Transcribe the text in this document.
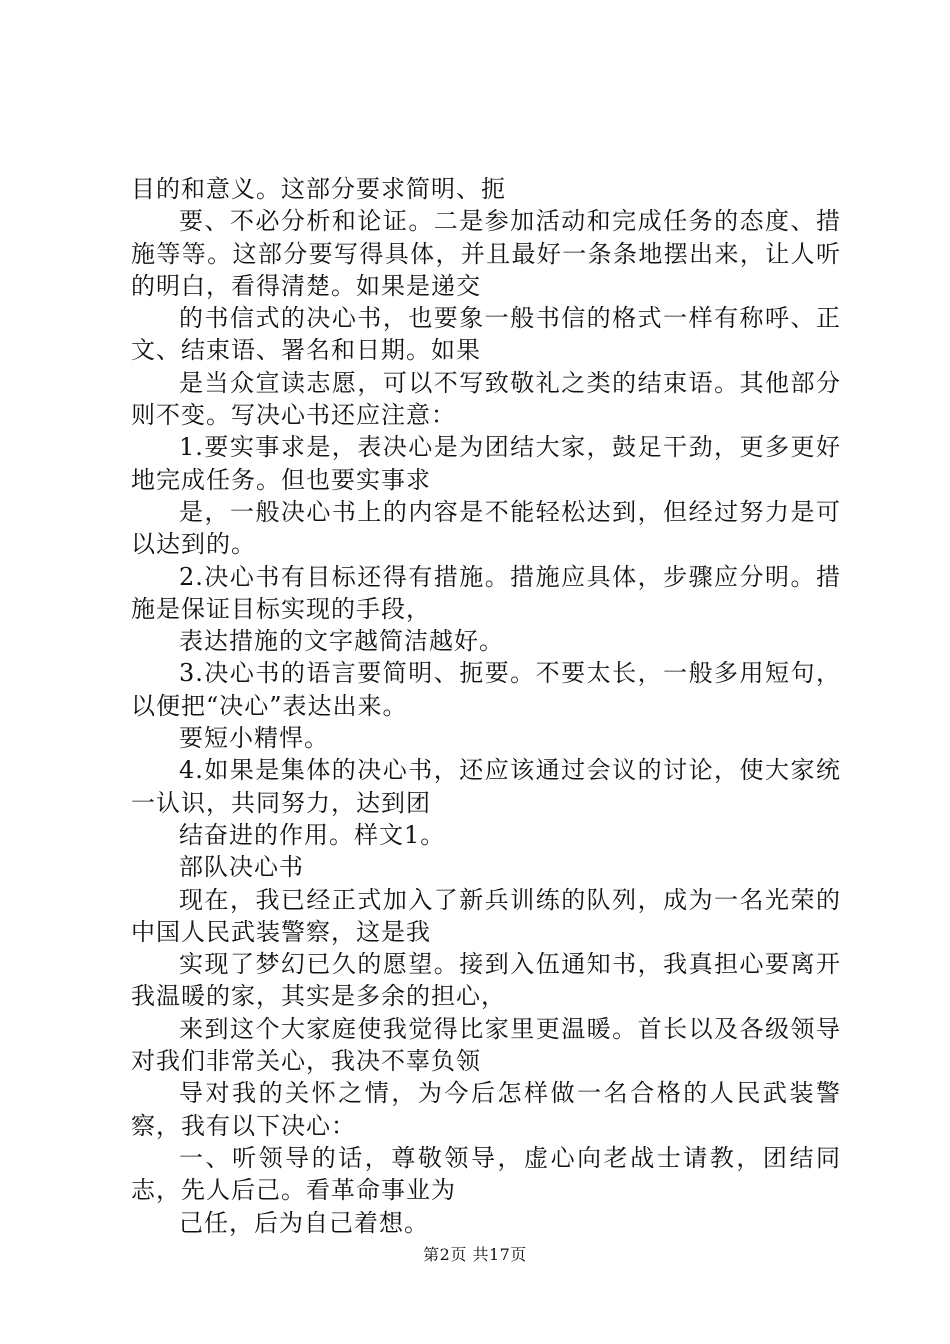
目的和意义。这部分要求简明、扼

要、不必分析和论证。二是参加活动和完成任务的态度、措施等等。这部分要写得具体，并且最好一条条地摆出来，让人听的明白，看得清楚。如果是递交

的书信式的决心书，也要象一般书信的格式一样有称呼、正文、结束语、署名和日期。如果

是当众宣读志愿，可以不写致敬礼之类的结束语。其他部分则不变。写决心书还应注意：

1.要实事求是，表决心是为团结大家，鼓足干劲，更多更好地完成任务。但也要实事求

是，一般决心书上的内容是不能轻松达到，但经过努力是可以达到的。

2.决心书有目标还得有措施。措施应具体，步骤应分明。措施是保证目标实现的手段，

表达措施的文字越简洁越好。

3.决心书的语言要简明、扼要。不要太长，一般多用短句，以便把“决心”表达出来。

要短小精悍。

4.如果是集体的决心书，还应该通过会议的讨论，使大家统一认识，共同努力，达到团

结奋进的作用。样文1。

部队决心书

现在，我已经正式加入了新兵训练的队列，成为一名光荣的中国人民武装警察，这是我

实现了梦幻已久的愿望。接到入伍通知书，我真担心要离开我温暖的家，其实是多余的担心，

来到这个大家庭使我觉得比家里更温暖。首长以及各级领导对我们非常关心，我决不辜负领

导对我的关怀之情，为今后怎样做一名合格的人民武装警察，我有以下决心：

一、听领导的话，尊敬领导，虚心向老战士请教，团结同志，先人后己。看革命事业为

己任，后为自己着想。

第2页 共17页
